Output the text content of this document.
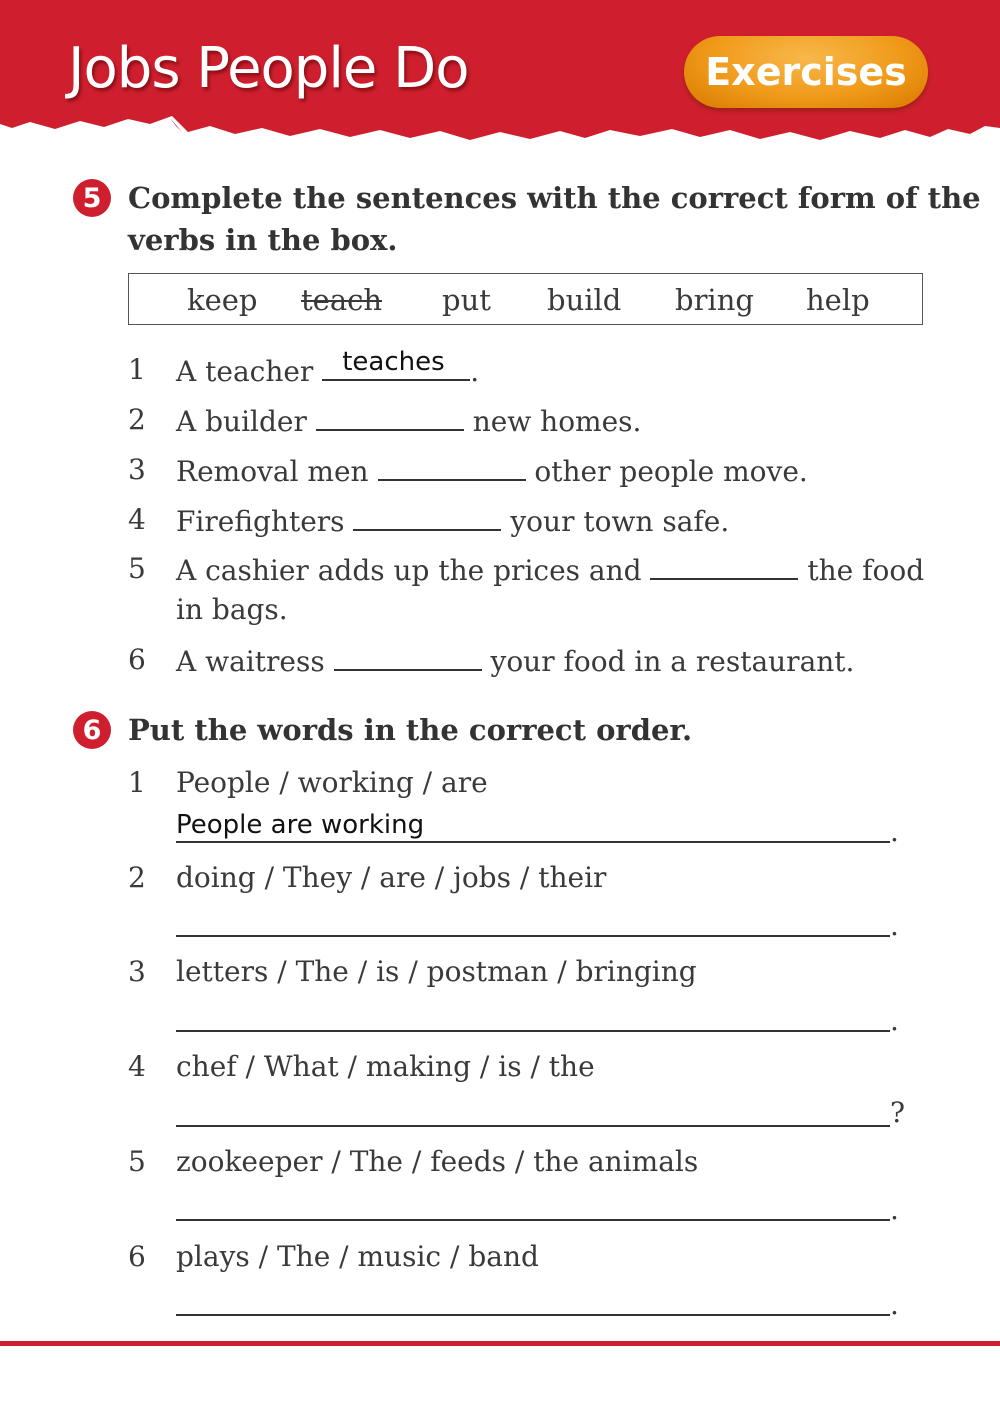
Jobs People Do	Exercises
5 Complete the sentences with the correct form of the
verbs in the box.
keep teach put build bring help
1 A teacher teaches .
2 A builder	new homes.
3 Removal men	other people move.
4 Firefighters	your town safe.
5 A cashier adds up the prices and	the food
in bags.
6 A waitress	your food in a restaurant.
6 Put the words in the correct order.
1 People / working / are
People are working	.
2 doing / They / are / jobs / their
.
3 letters / The / is / postman / bringing
.
4 chef / What / making / is / the
?
5 zookeeper / The / feeds / the animals
.
6 plays / The / music / band
.
